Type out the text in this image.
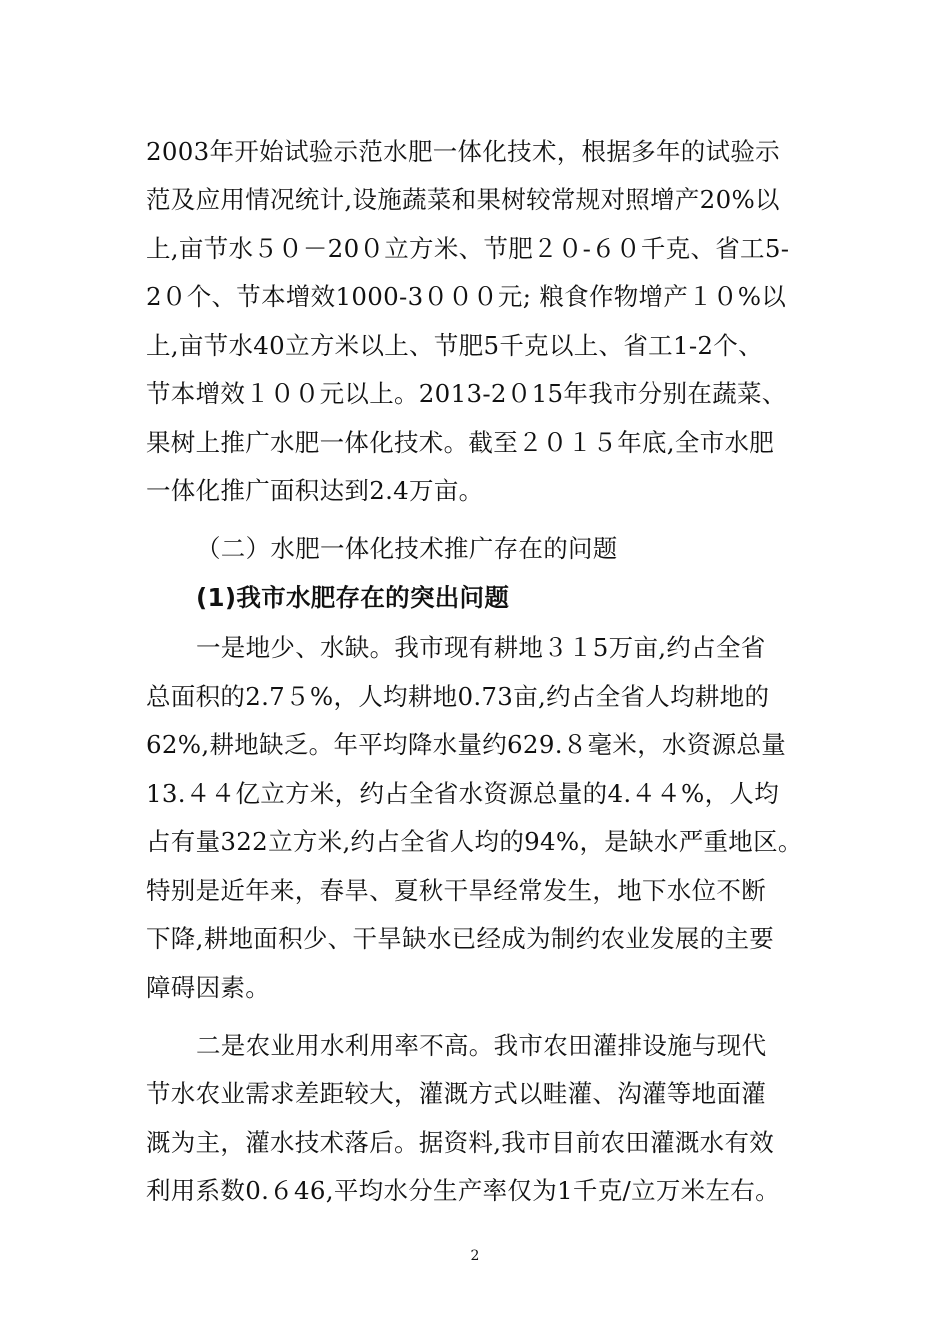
2003年开始试验示范水肥一体化技术，根据多年的试验示
范及应用情况统计,设施蔬菜和果树较常规对照增产20%以
上,亩节水５０－20０立方米、节肥２０-６０千克、省工5-
2０个、节本增效1000-3０００元; 粮食作物增产１０%以
上,亩节水40立方米以上、节肥5千克以上、省工1-2个、
节本增效１００元以上。2013-2０15年我市分别在蔬菜、
果树上推广水肥一体化技术。截至２０１５年底,全市水肥
一体化推广面积达到2.4万亩。
（二）水肥一体化技术推广存在的问题
(1)我市水肥存在的突出问题
一是地少、水缺。我市现有耕地３１5万亩,约占全省
总面积的2.7５%，人均耕地0.73亩,约占全省人均耕地的
62%,耕地缺乏。年平均降水量约629.８毫米，水资源总量
13.４４亿立方米，约占全省水资源总量的4.４４%，人均
占有量322立方米,约占全省人均的94%，是缺水严重地区。
特别是近年来，春旱、夏秋干旱经常发生，地下水位不断
下降,耕地面积少、干旱缺水已经成为制约农业发展的主要
障碍因素。
二是农业用水利用率不高。我市农田灌排设施与现代
节水农业需求差距较大，灌溉方式以畦灌、沟灌等地面灌
溉为主，灌水技术落后。据资料,我市目前农田灌溉水有效
利用系数0.６46,平均水分生产率仅为1千克/立万米左右。
2
